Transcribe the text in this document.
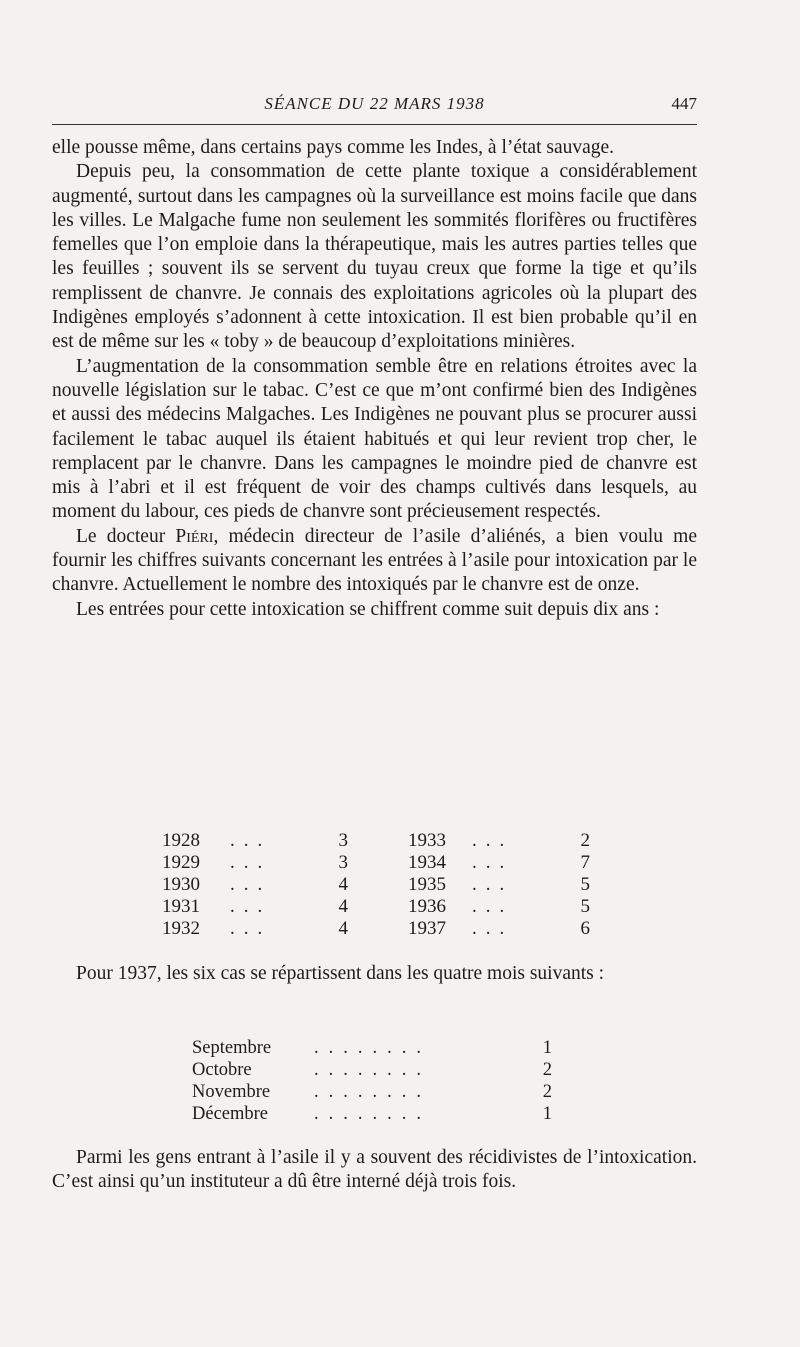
SÉANCE DU 22 MARS 1938	447

elle pousse même, dans certains pays comme les Indes, à l’état sauvage.

Depuis peu, la consommation de cette plante toxique a considérablement augmenté, surtout dans les campagnes où la surveillance est moins facile que dans les villes. Le Malgache fume non seulement les sommités florifères ou fructifères femelles que l’on emploie dans la thérapeutique, mais les autres parties telles que les feuilles ; souvent ils se servent du tuyau creux que forme la tige et qu’ils remplissent de chanvre. Je connais des exploitations agricoles où la plupart des Indigènes employés s’adonnent à cette intoxication. Il est bien probable qu’il en est de même sur les « toby » de beaucoup d’exploitations minières.

L’augmentation de la consommation semble être en relations étroites avec la nouvelle législation sur le tabac. C’est ce que m’ont confirmé bien des Indigènes et aussi des médecins Malgaches. Les Indigènes ne pouvant plus se procurer aussi facilement le tabac auquel ils étaient habitués et qui leur revient trop cher, le remplacent par le chanvre. Dans les campagnes le moindre pied de chanvre est mis à l’abri et il est fréquent de voir des champs cultivés dans lesquels, au moment du labour, ces pieds de chanvre sont précieusement respectés.

Le docteur Piéri, médecin directeur de l’asile d’aliénés, a bien voulu me fournir les chiffres suivants concernant les entrées à l’asile pour intoxication par le chanvre. Actuellement le nombre des intoxiqués par le chanvre est de onze.

Les entrées pour cette intoxication se chiffrent comme suit depuis dix ans :

1928 ...	3	1933 ...	2
1929 ...	3	1934 ...	7
1930 ...	4	1935 ...	5
1931 ...	4	1936 ...	5
1932 ...	4	1937 ...	6

Pour 1937, les six cas se répartissent dans les quatre mois suivants :

Septembre ........	1
Octobre	........	2
Novembre ........	2
Décembre ........	1

Parmi les gens entrant à l’asile il y a souvent des récidivistes de l’intoxication. C’est ainsi qu’un instituteur a dû être interné déjà trois fois.
